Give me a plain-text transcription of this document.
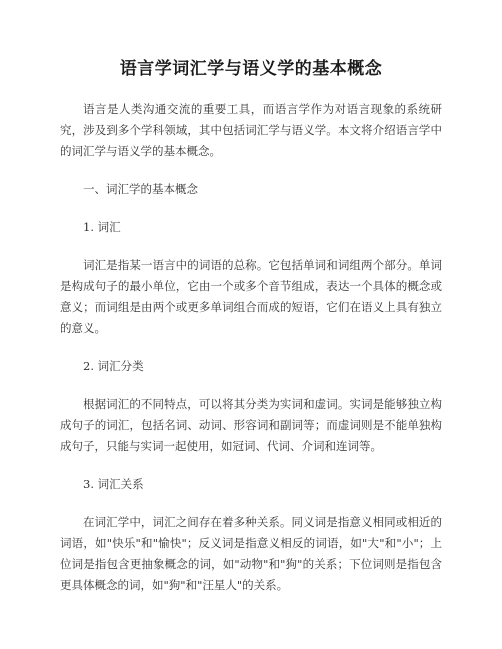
语言学词汇学与语义学的基本概念

语言是人类沟通交流的重要工具，而语言学作为对语言现象的系统研究，涉及到多个学科领域，其中包括词汇学与语义学。本文将介绍语言学中的词汇学与语义学的基本概念。

一、词汇学的基本概念

1. 词汇

词汇是指某一语言中的词语的总称。它包括单词和词组两个部分。单词是构成句子的最小单位，它由一个或多个音节组成，表达一个具体的概念或意义；而词组是由两个或更多单词组合而成的短语，它们在语义上具有独立的意义。

2. 词汇分类

根据词汇的不同特点，可以将其分类为实词和虚词。实词是能够独立构成句子的词汇，包括名词、动词、形容词和副词等；而虚词则是不能单独构成句子，只能与实词一起使用，如冠词、代词、介词和连词等。

3. 词汇关系

在词汇学中，词汇之间存在着多种关系。同义词是指意义相同或相近的词语，如"快乐"和"愉快"；反义词是指意义相反的词语，如"大"和"小"；上位词是指包含更抽象概念的词，如"动物"和"狗"的关系；下位词则是指包含更具体概念的词，如"狗"和"汪星人"的关系。
